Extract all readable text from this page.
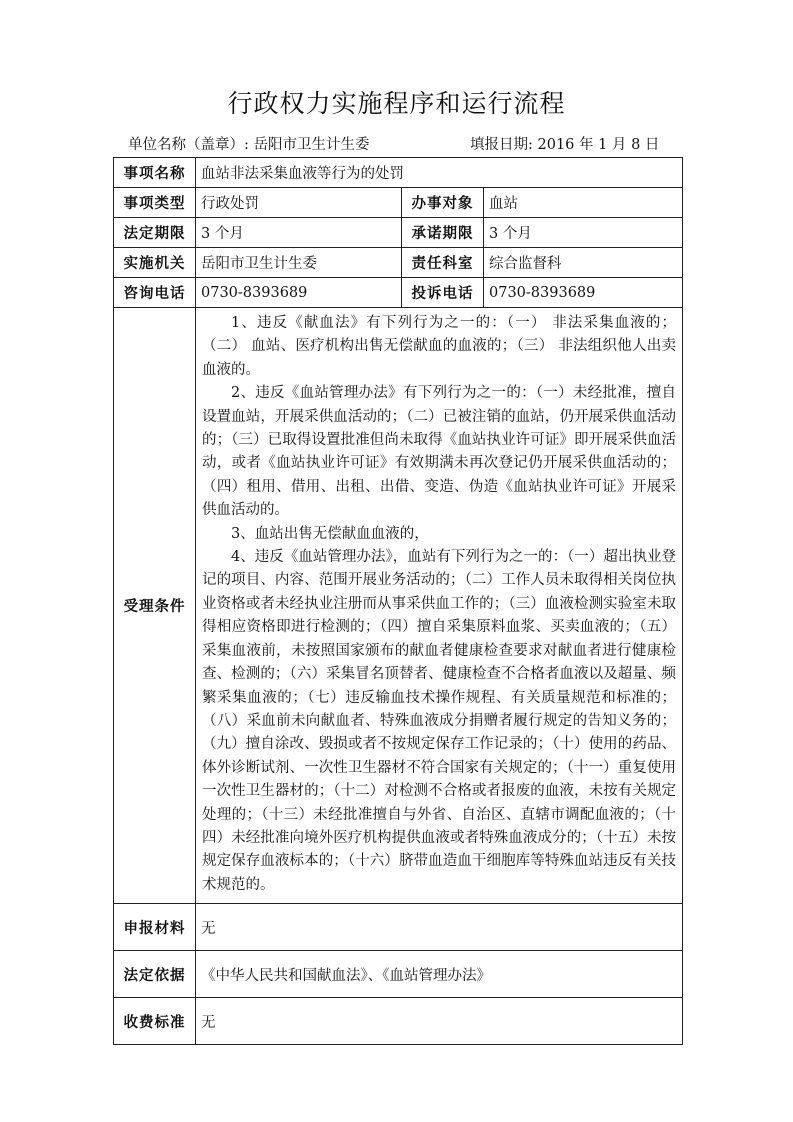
行政权力实施程序和运行流程
单位名称（盖章）: 岳阳市卫生计生委	填报日期: 2016 年 1 月 8 日
事项名称	血站非法采集血液等行为的处罚		
事项类型	行政处罚	办事对象	血站
法定期限	3 个月	承诺期限	3 个月
实施机关	岳阳市卫生计生委	责任科室	综合监督科
咨询电话	0730-8393689	投诉电话	0730-8393689
受理条件	1、违反《献血法》有下列行为之一的：（一） 非法采集血液的；（二） 血站、医疗机构出售无偿献血的血液的；（三） 非法组织他人出卖血液的。

2、违反《血站管理办法》有下列行为之一的：（一）未经批准，擅自设置血站，开展采供血活动的；（二）已被注销的血站，仍开展采供血活动的；（三）已取得设置批准但尚未取得《血站执业许可证》即开展采供血活动，或者《血站执业许可证》有效期满未再次登记仍开展采供血活动的；（四）租用、借用、出租、出借、变造、伪造《血站执业许可证》开展采供血活动的。

3、血站出售无偿献血血液的，

4、违反《血站管理办法》，血站有下列行为之一的：（一）超出执业登记的项目、内容、范围开展业务活动的；（二）工作人员未取得相关岗位执业资格或者未经执业注册而从事采供血工作的；（三）血液检测实验室未取得相应资格即进行检测的；（四）擅自采集原料血浆、买卖血液的；（五）采集血液前，未按照国家颁布的献血者健康检查要求对献血者进行健康检查、检测的；（六）采集冒名顶替者、健康检查不合格者血液以及超量、频繁采集血液的；（七）违反输血技术操作规程、有关质量规范和标准的；（八）采血前未向献血者、特殊血液成分捐赠者履行规定的告知义务的；（九）擅自涂改、毁损或者不按规定保存工作记录的；（十）使用的药品、体外诊断试剂、一次性卫生器材不符合国家有关规定的；（十一）重复使用一次性卫生器材的；（十二）对检测不合格或者报废的血液，未按有关规定处理的；（十三）未经批准擅自与外省、自治区、直辖市调配血液的；（十四）未经批准向境外医疗机构提供血液或者特殊血液成分的；（十五）未按规定保存血液标本的；（十六）脐带血造血干细胞库等特殊血站违反有关技术规范的。		

申报材料	无		
法定依据	《中华人民共和国献血法》、《血站管理办法》		
收费标准	无		
